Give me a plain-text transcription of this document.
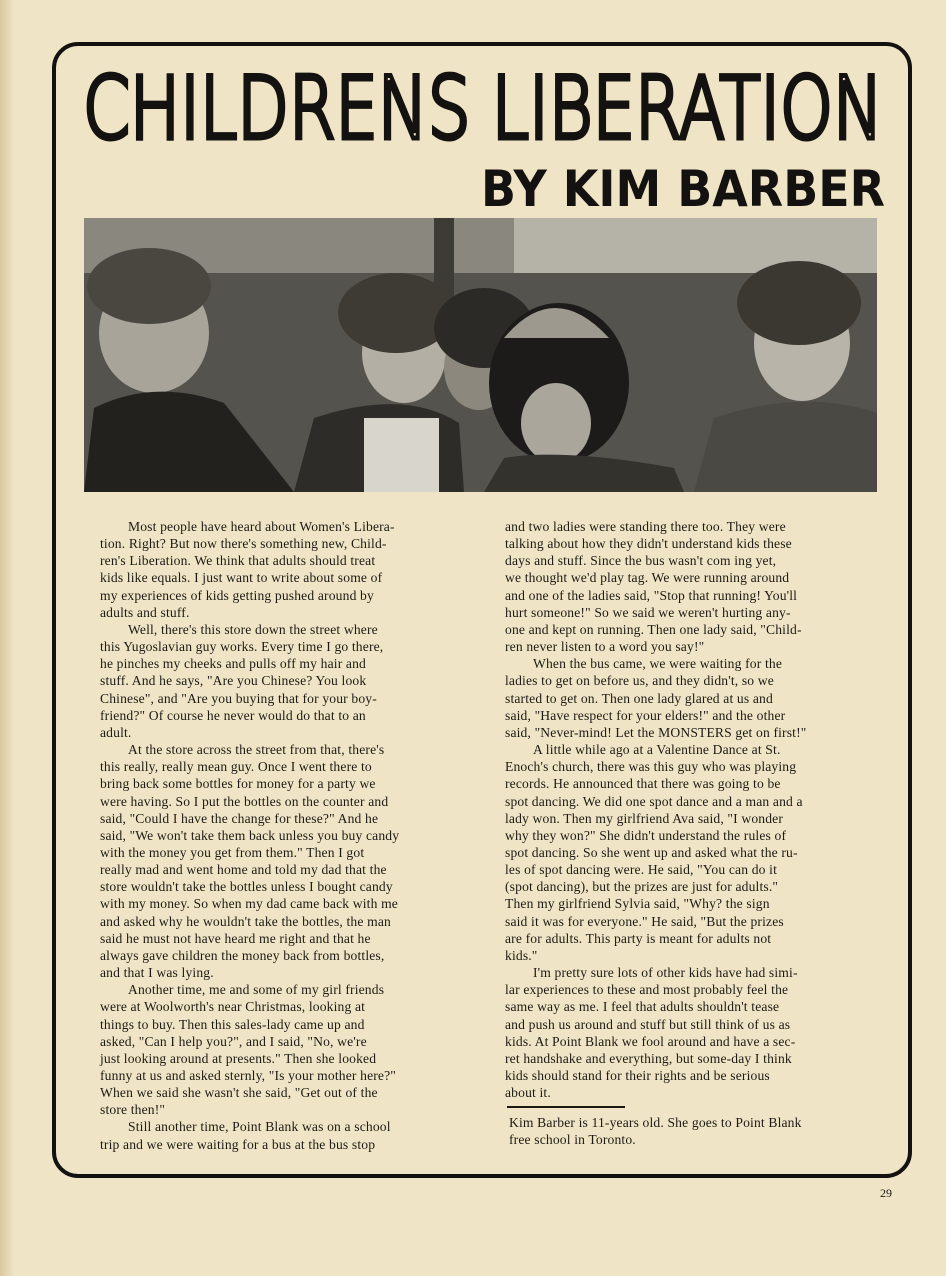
CHILDRENS LIBERATION
BY KIM BARBER
Most people have heard about Women's Libera-
tion. Right? But now there's something new, Child-
ren's Liberation. We think that adults should treat
kids like equals. I just want to write about some of
my experiences of kids getting pushed around by
adults and stuff.
Well, there's this store down the street where
this Yugoslavian guy works. Every time I go there,
he pinches my cheeks and pulls off my hair and
stuff. And he says, "Are you Chinese? You look
Chinese", and "Are you buying that for your boy-
friend?" Of course he never would do that to an
adult.
At the store across the street from that, there's
this really, really mean guy. Once I went there to
bring back some bottles for money for a party we
were having. So I put the bottles on the counter and
said, "Could I have the change for these?" And he
said, "We won't take them back unless you buy candy
with the money you get from them." Then I got
really mad and went home and told my dad that the
store wouldn't take the bottles unless I bought candy
with my money. So when my dad came back with me
and asked why he wouldn't take the bottles, the man
said he must not have heard me right and that he
always gave children the money back from bottles,
and that I was lying.
Another time, me and some of my girl friends
were at Woolworth's near Christmas, looking at
things to buy. Then this sales-lady came up and
asked, "Can I help you?", and I said, "No, we're
just looking around at presents." Then she looked
funny at us and asked sternly, "Is your mother here?"
When we said she wasn't she said, "Get out of the
store then!"
Still another time, Point Blank was on a school
trip and we were waiting for a bus at the bus stop
and two ladies were standing there too. They were
talking about how they didn't understand kids these
days and stuff. Since the bus wasn't com ing yet,
we thought we'd play tag. We were running around
and one of the ladies said, "Stop that running! You'll
hurt someone!" So we said we weren't hurting any-
one and kept on running. Then one lady said, "Child-
ren never listen to a word you say!"
When the bus came, we were waiting for the
ladies to get on before us, and they didn't, so we
started to get on. Then one lady glared at us and
said, "Have respect for your elders!" and the other
said, "Never-mind! Let the MONSTERS get on first!"
A little while ago at a Valentine Dance at St.
Enoch's church, there was this guy who was playing
records. He announced that there was going to be
spot dancing. We did one spot dance and a man and a
lady won. Then my girlfriend Ava said, "I wonder
why they won?" She didn't understand the rules of
spot dancing. So she went up and asked what the ru-
les of spot dancing were. He said, "You can do it
(spot dancing), but the prizes are just for adults."
Then my girlfriend Sylvia said, "Why? the sign
said it was for everyone." He said, "But the prizes
are for adults. This party is meant for adults not
kids."
I'm pretty sure lots of other kids have had simi-
lar experiences to these and most probably feel the
same way as me. I feel that adults shouldn't tease
and push us around and stuff but still think of us as
kids. At Point Blank we fool around and have a sec-
ret handshake and everything, but some-day I think
kids should stand for their rights and be serious
about it.
Kim Barber is 11-years old. She goes to Point Blank
free school in Toronto.
29
